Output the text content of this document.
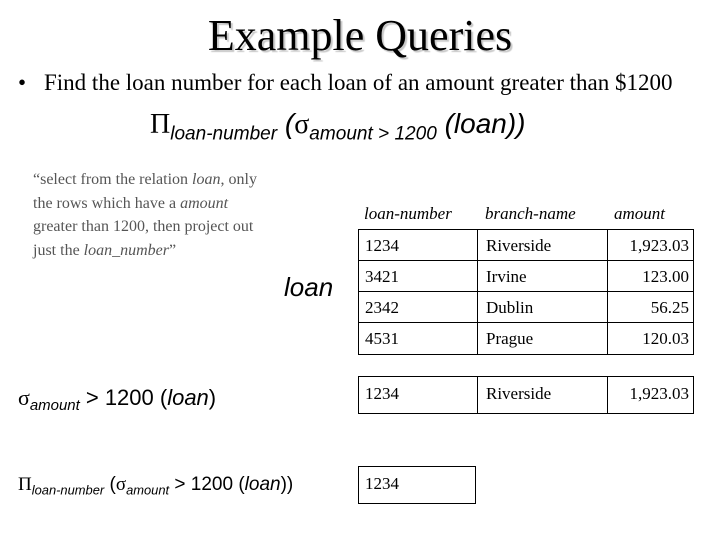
Example Queries
• Find the loan number for each loan of an amount greater than $1200
$\Pi_{loan-number}$ ($\sigma_{amount > 1200}$ (loan))
“select from the relation loan, only the rows which have a amount greater than 1200, then project out just the loan_number”
loan
loan-number branch-name amount
1234	Riverside	1,923.03
3421	Irvine	123.00
2342	Dublin	56.25
4531	Prague	120.03
$\sigma_{amount} > 1200$ (loan)	1234	Riverside	1,923.03
$\Pi_{loan-number}$ ($\sigma_{amount} > 1200$ (loan))	1234
